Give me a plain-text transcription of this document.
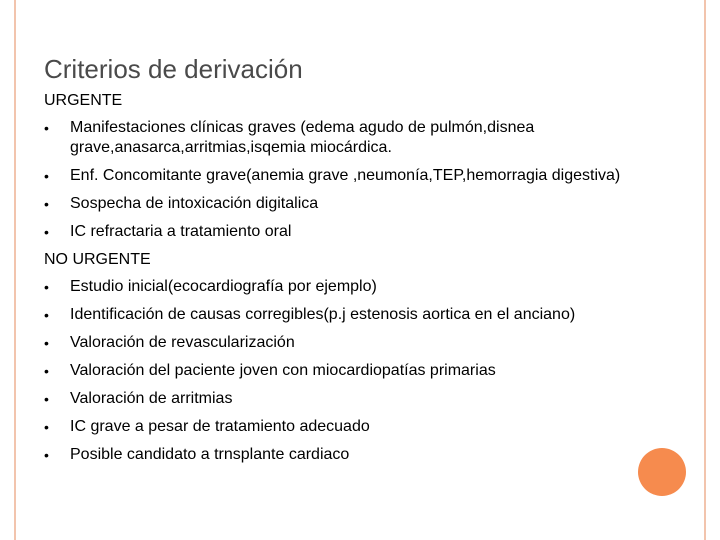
Criterios de derivación
URGENTE
•	Manifestaciones clínicas graves (edema agudo de pulmón,disnea grave,anasarca,arritmias,isqemia miocárdica.
•	Enf. Concomitante grave(anemia grave ,neumonía,TEP,hemorragia digestiva)
•	Sospecha de intoxicación digitalica
•	IC refractaria a tratamiento oral
NO URGENTE
•	Estudio inicial(ecocardiografía por ejemplo)
•	Identificación de causas corregibles(p.j estenosis aortica en el anciano)
•	Valoración de revascularización
•	Valoración del paciente joven con miocardiopatías primarias
•	Valoración de arritmias
•	IC grave a pesar de tratamiento adecuado
•	Posible candidato a trnsplante cardiaco
